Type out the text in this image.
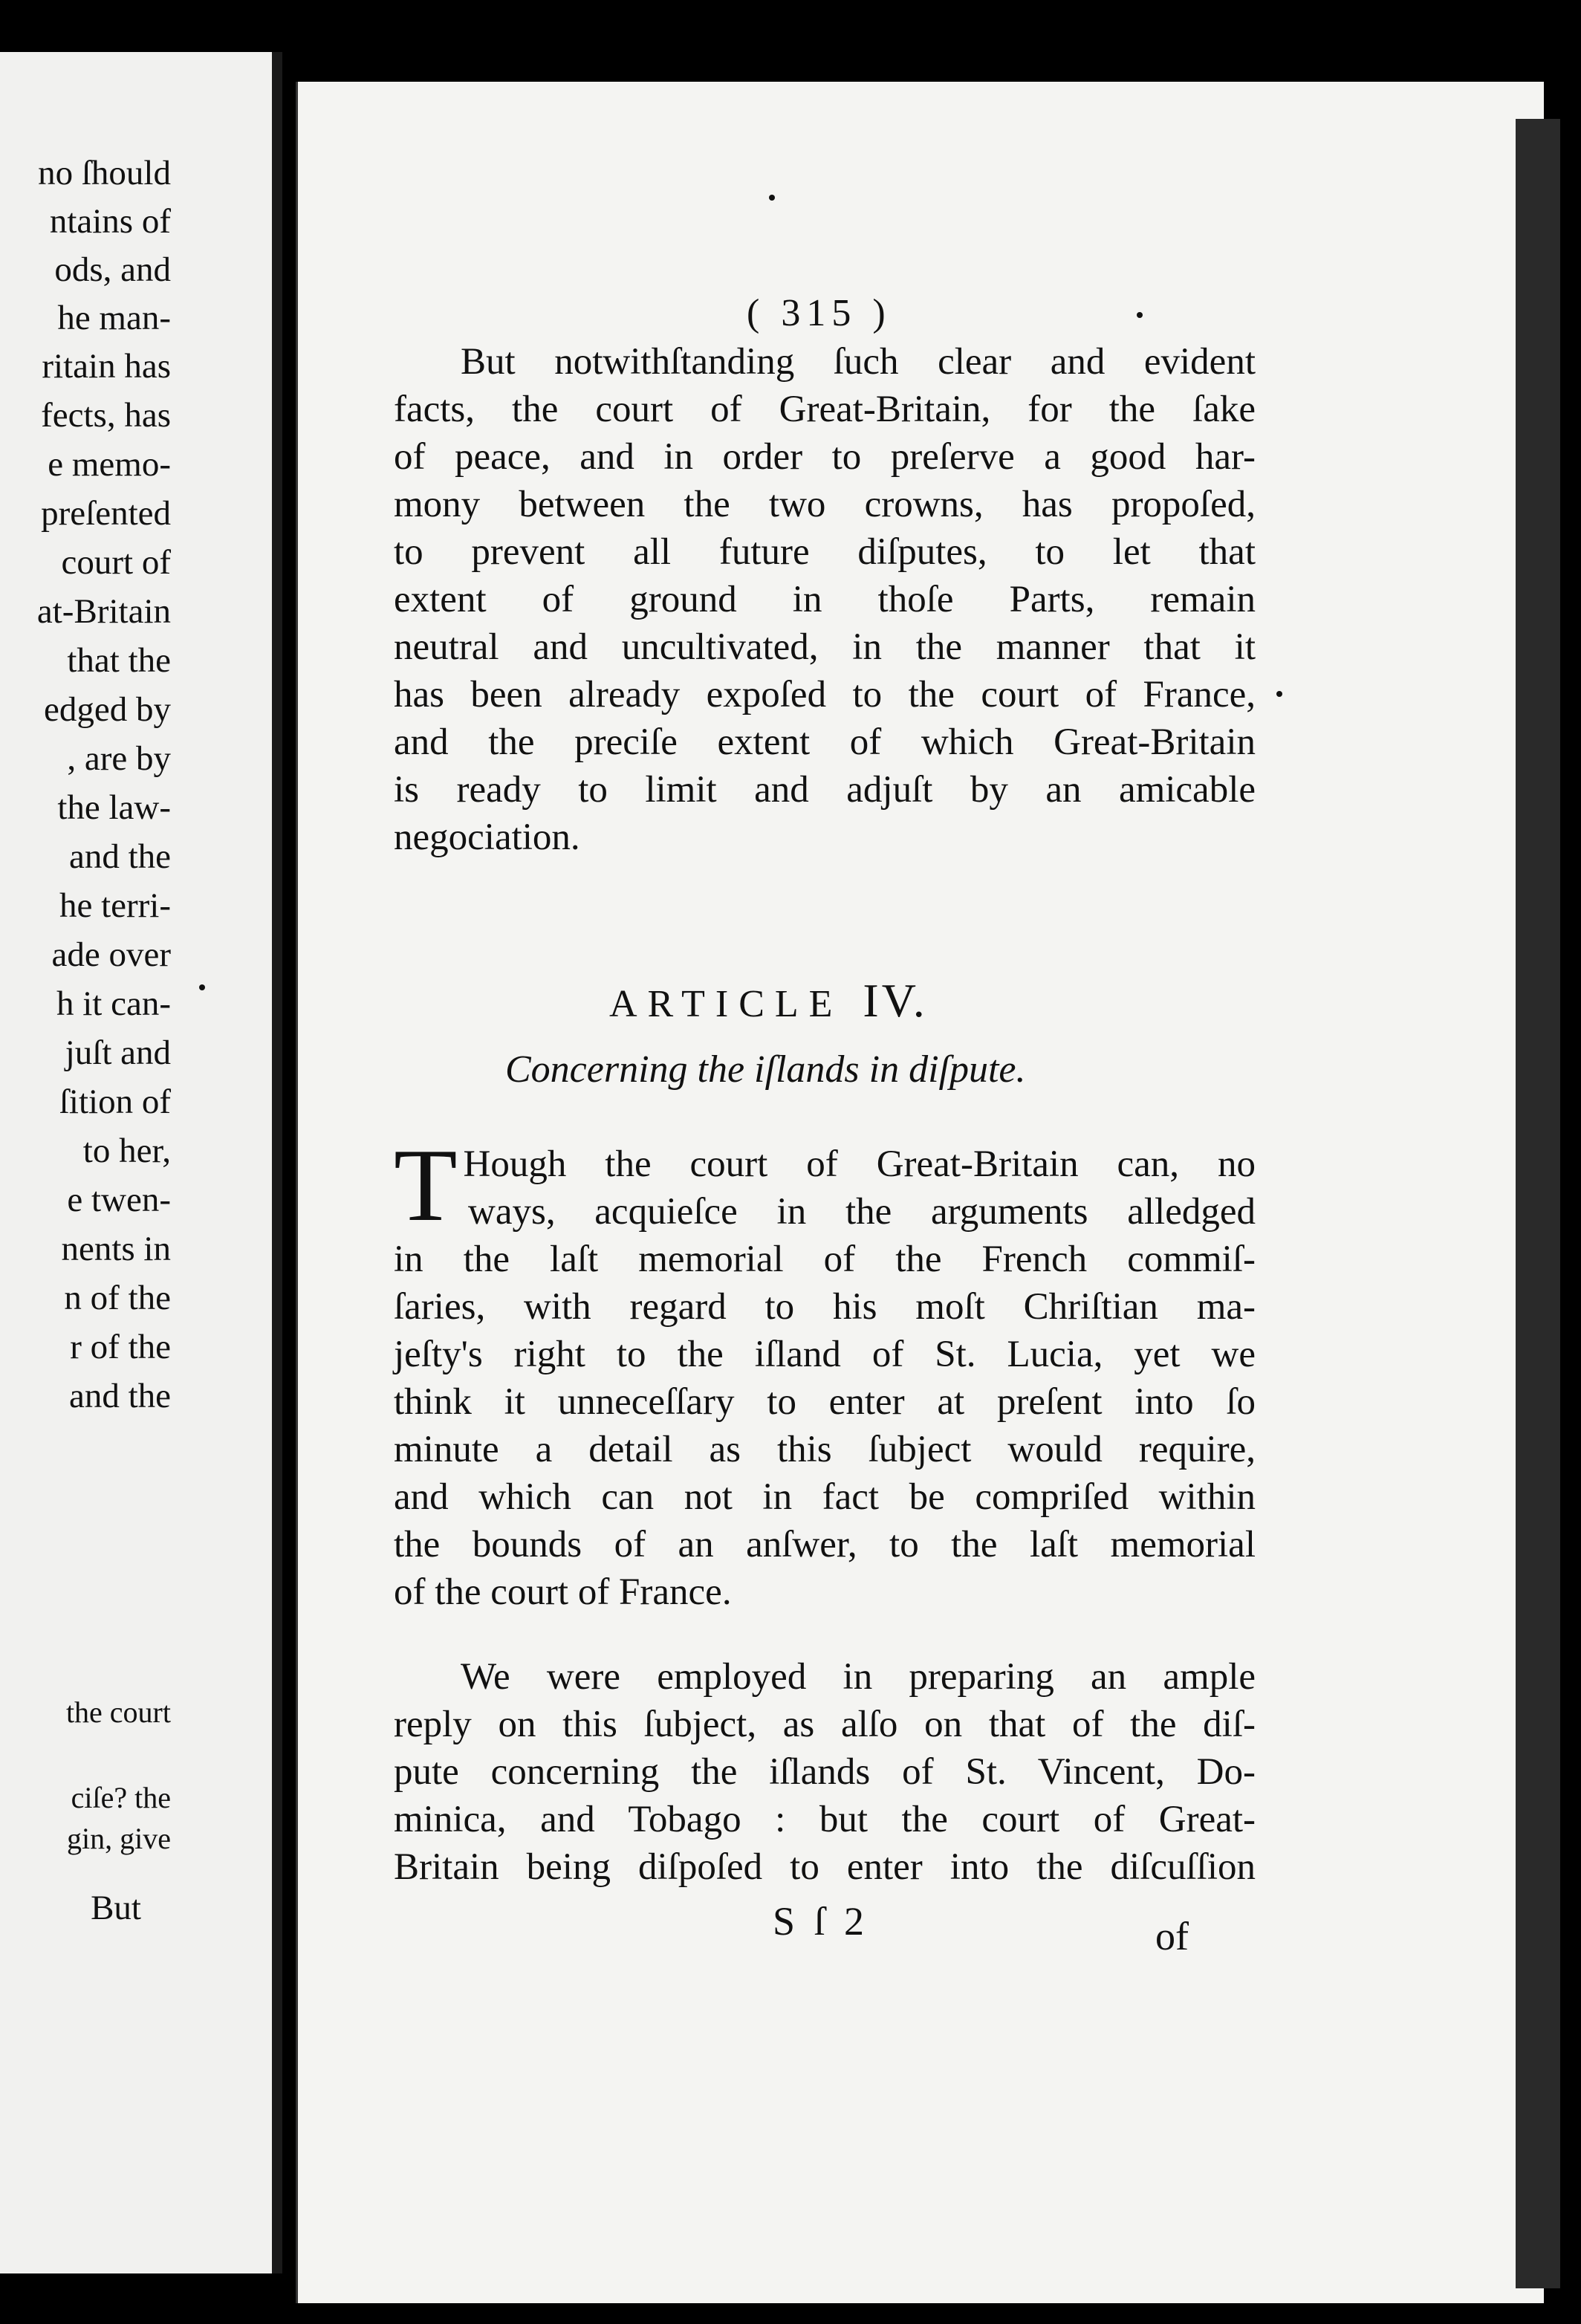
no ſhould
ntains of
ods, and
he man-
ritain has
fects, has
e memo-
preſented
court of
at-Britain
that the
edged by
, are by
the law-
and the
he terri-
ade over
h it can-
juſt and
ſition of
to her,
e twen-
nents in
n of the
r of the
and the
the court
ciſe? the
gin, give
But
( 315 )
But notwithſtanding ſuch clear and evident
facts, the court of Great-Britain, for the ſake
of peace, and in order to preſerve a good har-
mony between the two crowns, has propoſed,
to prevent all future diſputes, to let that
extent of ground in thoſe Parts, remain
neutral and uncultivated, in the manner that it
has been already expoſed to the court of France,
and the preciſe extent of which Great-Britain
is ready to limit and adjuſt by an amicable
negociation.
ARTICLE IV.
Concerning the iſlands in diſpute.
T Hough the court of Great-Britain can, no
ways, acquieſce in the arguments alledged
in the laſt memorial of the French commiſ-
ſaries, with regard to his moſt Chriſtian ma-
jeſty's right to the iſland of St. Lucia, yet we
think it unneceſſary to enter at preſent into ſo
minute a detail as this ſubject would require,
and which can not in fact be compriſed within
the bounds of an anſwer, to the laſt memorial
of the court of France.
We were employed in preparing an ample
reply on this ſubject, as alſo on that of the diſ-
pute concerning the iſlands of St. Vincent, Do-
minica, and Tobago : but the court of Great-
Britain being diſpoſed to enter into the diſcuſſion
S ſ 2	of
